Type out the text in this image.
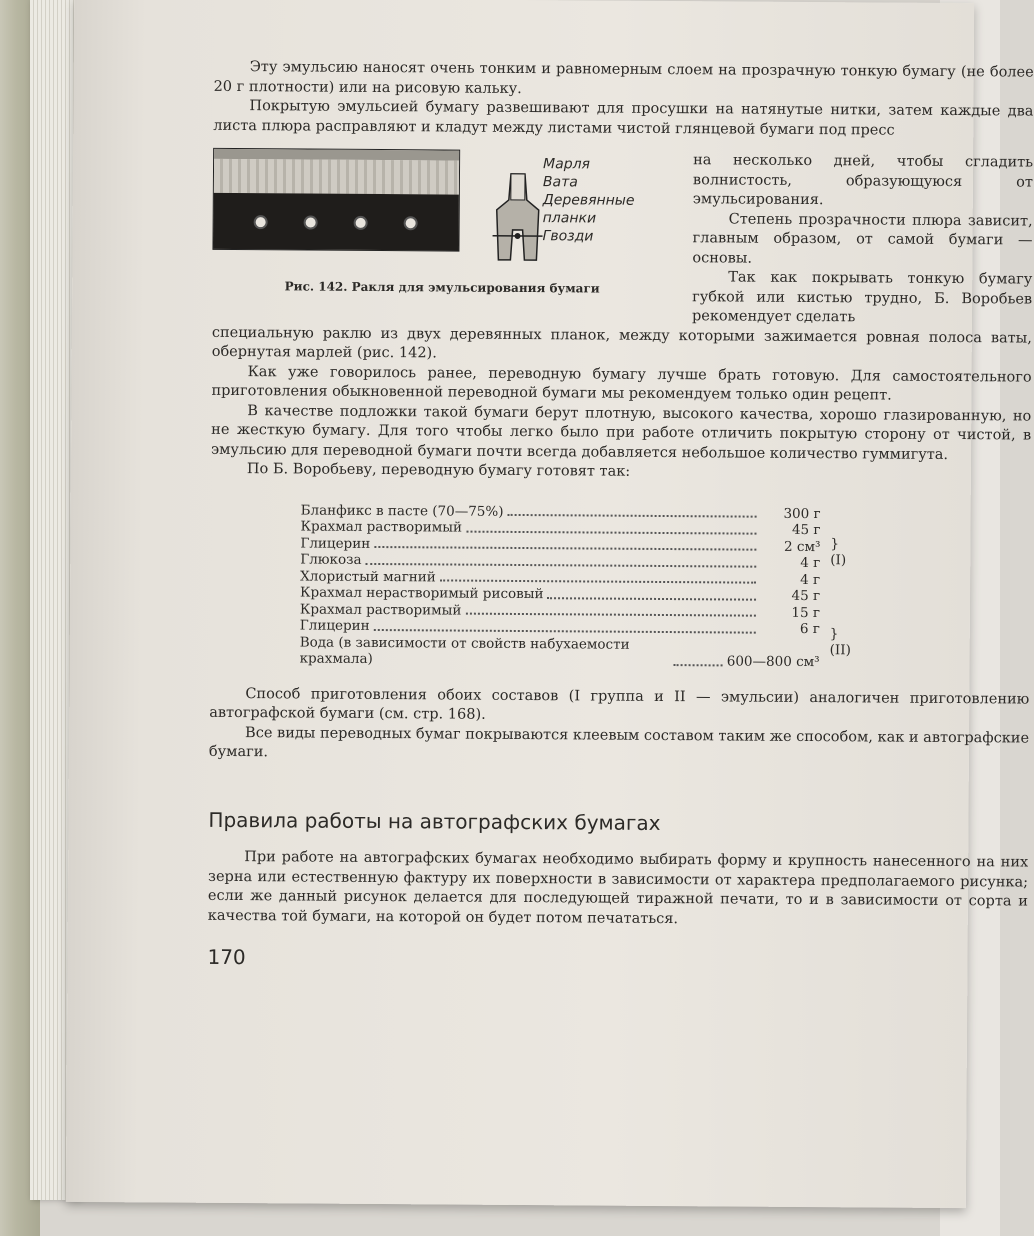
Эту эмульсию наносят очень тонким и равномерным слоем на прозрачную тонкую бумагу (не более 20 г плотности) или на рисовую кальку.

Покрытую эмульсией бумагу развешивают для просушки на натянутые нитки, затем каждые два листа плюра расправляют и кладут между листами чистой глянцевой бумаги под пресс

Марля
Вата
Деревянные планки
Гвозди
Рис. 142. Ракля для эмульсирования бумаги

на несколько дней, чтобы сгладить волнистость, образующуюся от эмульсирования.

Степень прозрачности плюра зависит, главным образом, от самой бумаги — основы.

Так как покрывать тонкую бумагу губкой или кистью трудно, Б. Воробьев рекомендует сделать

специальную раклю из двух деревянных планок, между которыми зажимается ровная полоса ваты, обернутая марлей (рис. 142).

Как уже говорилось ранее, переводную бумагу лучше брать готовую. Для самостоятельного приготовления обыкновенной переводной бумаги мы рекомендуем только один рецепт.

В качестве подложки такой бумаги берут плотную, высокого качества, хорошо глазированную, но не жесткую бумагу. Для того чтобы легко было при работе отличить покрытую сторону от чистой, в эмульсию для переводной бумаги почти всегда добавляется небольшое количество гуммигута.

По Б. Воробьеву, переводную бумагу готовят так:

Бланфикс в пасте (70—75%)	300 г
Крахмал растворимый	45 г
Глицерин	2 см³
Глюкоза	4 г
Хлористый магний	4 г
Крахмал нерастворимый рисовый	45 г
Крахмал растворимый	15 г
Глицерин	6 г
Вода (в зависимости от свойств набухаемости крахмала)	600—800 см³
} (I)
} (II)

Способ приготовления обоих составов (I группа и II — эмульсии) аналогичен приготовлению автографской бумаги (см. стр. 168).

Все виды переводных бумаг покрываются клеевым составом таким же способом, как и автографские бумаги.

Правила работы на автографских бумагах

При работе на автографских бумагах необходимо выбирать форму и крупность нанесенного на них зерна или естественную фактуру их поверхности в зависимости от характера предполагаемого рисунка; если же данный рисунок делается для последующей тиражной печати, то и в зависимости от сорта и качества той бумаги, на которой он будет потом печататься.

170
